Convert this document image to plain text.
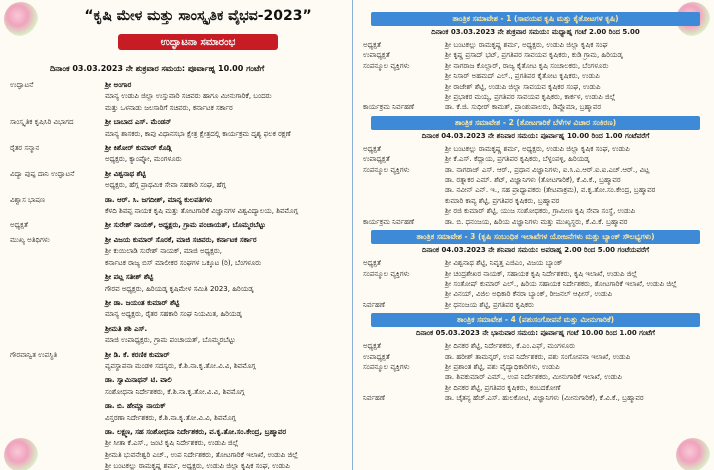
“ಕೃಷಿ ಮೇಳ ಮತ್ತು ಸಾಂಸ್ಕೃತಿಕ ವೈಭವ-2023”
ಉದ್ಘಾಟನಾ ಸಮಾರಂಭ
ದಿನಾಂಕ 03.03.2023 ನೇ ಶುಕ್ರವಾರ ಸಮಯ: ಪೂರ್ವಾಹ್ನ 10.00 ಗಂಟೆಗೆ
ಉದ್ಘಾಟನೆ	ಶ್ರೀ ಅಂಗಾರ
ಮಾನ್ಯ ಉಡುಪಿ ಜಿಲ್ಲಾ ಉಸ್ತುವಾರಿ ಸಚಿವರು ಹಾಗೂ ಮೀನುಗಾರಿಕೆ, ಬಂದರು
ಮತ್ತು ಒಳನಾಡು ಜಲಸಾರಿಗೆ ಸಚಿವರು, ಕರ್ನಾಟಕ ಸರ್ಕಾರ
ಸಾಂಸ್ಕೃತಿಕ ಕೃಷಿಸಿರಿ ವಿಭಾಗದ	ಶ್ರೀ ಬಾಬಾದ ಎಸ್. ಮೆಂಡನ್
ಮಾನ್ಯ ಶಾಸಕರು, ಕಾಪು ವಿಧಾನಸಭಾ ಕ್ಷೇತ್ರ ಕ್ಷೇತ್ರದಲ್ಲಿ ಕಾರ್ಯಕ್ರಮ ದೃಶ್ಯ ಫಲಕ ರಕ್ಷಣೆ
ರೈತರ ಸನ್ಮಾನ	ಶ್ರೀ ಕಿಶೋರ್ ಕುಮಾರ್ ಕೊಡ್ಗಿ
ಅಧ್ಯಕ್ಷರು, ಕ್ಯಾಂಪ್ಕೋ, ಮಂಗಳೂರು
ವಿದ್ಯಾ ಪುಷ್ಪ ದಾನಿ ಉದ್ಘಾಟನೆ	ಶ್ರೀ ವಿಶ್ವನಾಥ ಶೆಟ್ಟಿ
ಅಧ್ಯಕ್ಷರು, ಹೆಗ್ಗ ಪ್ರಾಥಮಿಕ ಸೇವಾ ಸಹಕಾರಿ ಸಂಘ, ಹೆಗ್ಗ
ವಿಶ್ವಾಸ ಭಾಷಣ	ಡಾ. ಆರ್. ಸಿ. ಜಗದೀಶ್, ಮಾನ್ಯ ಕುಲಪತಿಗಳು
ಕೆಳದಿ ಶಿವಪ್ಪ ನಾಯಕ ಕೃಷಿ ಮತ್ತು ತೋಟಗಾರಿಕೆ ವಿಜ್ಞಾನಗಳ ವಿಶ್ವವಿದ್ಯಾಲಯ, ಶಿವಮೊಗ್ಗ
ಅಧ್ಯಕ್ಷತೆ	ಶ್ರೀ ಸುರೇಶ್ ನಾಯಕ್, ಅಧ್ಯಕ್ಷರು, ಗ್ರಾಮ ಪಂಚಾಯತ್, ಬೊಮ್ಮರಬೆಟ್ಟು
ಮುಖ್ಯ ಅತಿಥಿಗಳು	ಶ್ರೀ ವಿಜಯ ಕುಮಾರ್ ಸೊರಕೆ, ಮಾಜಿ ಸಚಿವರು, ಕರ್ನಾಟಕ ಸರ್ಕಾರ
ಶ್ರೀ ಕುಯಿಲಾಡಿ ಸುರೇಶ್ ನಾಯಕ್, ಮಾಜಿ ಅಧ್ಯಕ್ಷರು,
ಕರ್ನಾಟಕ ರಾಜ್ಯ ಬಿಸ್ ಮಾಲೀಕರ ಸಂಘಗಳ ಒಕ್ಕೂಟ (ರಿ), ಬೆಂಗಳೂರು
ಶ್ರೀ ಪಟ್ಲ ಸತೀಶ್ ಶೆಟ್ಟಿ
ಗೌರವ ಅಧ್ಯಕ್ಷರು, ಹಿರಿಯಡ್ಕ ಕೃಷಿಮೇಳ ಸಮಿತಿ 2023, ಹಿರಿಯಡ್ಕ
ಶ್ರೀ ಡಾ. ಜಯಂತ ಕುಮಾರ್ ಶೆಟ್ಟಿ
ಮಾನ್ಯ ಅಧ್ಯಕ್ಷರು, ರೈತರ ಸಹಕಾರಿ ಸಂಘ ನಿಯಮಿತ, ಹಿರಿಯಡ್ಕ
ಶ್ರೀಮತಿ ಶಶಿ ಎಸ್.
ಮಾಜಿ ಉಪಾಧ್ಯಕ್ಷರು, ಗ್ರಾಮ ಪಂಚಾಯತ್, ಬೊಮ್ಮರಬೆಟ್ಟು
ಗೌರವಾನ್ವಿತ ಉಪಸ್ಥಿತಿ	ಶ್ರೀ ಡಿ. ಕೆ. ಕರಣಿಕ ಕುಮಾರ್
ವ್ಯವಸ್ಥಾಪನಾ ಮಂಡಳಿ ಸದಸ್ಯರು, ಕೆ.ಶಿ.ನಾ.ಕೃ.ತೋ.ವಿ.ವಿ, ಶಿವಮೊಗ್ಗ
ಡಾ. ಸ್ವಾಮಿನಾಥನ್ ಟಿ. ವಾಲಿ
ಸಂಶೋಧನಾ ನಿರ್ದೇಶಕರು, ಕೆ.ಶಿ.ನಾ.ಕೃ.ತೋ.ವಿ.ವಿ, ಶಿವಮೊಗ್ಗ
ಡಾ. ಬಿ. ಹೇಮ್ಲಾ ನಾಯಕ್
ವಿಸ್ತರಣಾ ನಿರ್ದೇಶಕರು, ಕೆ.ಶಿ.ನಾ.ಕೃ.ತೋ.ವಿ.ವಿ, ಶಿವಮೊಗ್ಗ
ಡಾ. ಲಕ್ಷ್ಮಣ, ಸಹ ಸಂಶೋಧನಾ ನಿರ್ದೇಶಕರು, ವ.ಕೃ.ತೋ.ಸಂ.ಕೇಂದ್ರ, ಬ್ರಹ್ಮಾವರ
ಶ್ರೀ ಸೀತಾ ಕೆ.ಎಸ್., ಜಂಟಿ ಕೃಷಿ ನಿರ್ದೇಶಕರು, ಉಡುಪಿ ಜಿಲ್ಲೆ
ಶ್ರೀಮತಿ ಭುವನೇಶ್ವರಿ ಎಚ್., ಉಪ ನಿರ್ದೇಶಕರು, ತೋಟಗಾರಿಕೆ ಇಲಾಖೆ, ಉಡುಪಿ ಜಿಲ್ಲೆ
ಶ್ರೀ ಬಂಟಕಲ್ಲು ರಾಮಕೃಷ್ಣ ಶರ್ಮ, ಅಧ್ಯಕ್ಷರು, ಉಡುಪಿ ಜಿಲ್ಲಾ ಕೃಷಿಕ ಸಂಘ, ಉಡುಪಿ
ತಾಂತ್ರಿಕ ಸಮಾವೇಶ - 1 (ಸಾವಯವ ಕೃಷಿ ಮತ್ತು ಕೈತೋಟಗಳ ಕೃಷಿ)
ದಿನಾಂಕ 03.03.2023 ನೇ ಶುಕ್ರವಾರ ಸಮಯ: ಮಧ್ಯಾಹ್ನ ಗಂಟೆ 2.00 ರಿಂದ 5.00
ಅಧ್ಯಕ್ಷತೆ	ಶ್ರೀ ಬಂಟಕಲ್ಲು ರಾಮಕೃಷ್ಣ ಶರ್ಮ, ಅಧ್ಯಕ್ಷರು, ಉಡುಪಿ ಜಿಲ್ಲಾ ಕೃಷಿಕ ಸಂಘ
ಉಪಾಧ್ಯಕ್ಷತೆ	ಶ್ರೀ ಕೃಷ್ಣ ಪ್ರಸಾದ್ ಭಟ್, ಪ್ರಗತಿಪರ ಸಾವಯವ ಕೃಷಿಕರು, ಕುಡಿ ಗ್ರಾಮ, ಹಿರಿಯಡ್ಕ
ಸಂಪನ್ಮೂಲ ವ್ಯಕ್ತಿಗಳು	ಶ್ರೀ ನಾಗರಾಜ ಕೊಲ್ಲಾರ್, ರಾಜ್ಯ ಕೈತೋಟ ಕೃಷಿ ಸಂಚಾಲಕರು, ಬೆಂಗಳೂರು
ಶ್ರೀ ನಿಸಾರ್ ಅಹಮದ್ ಎಲ್., ಪ್ರಗತಿಪರ ಕೈತೋಟ ಕೃಷಿಕರು, ಉಡುಪಿ
ಶ್ರೀ ರಾಜೇಶ್ ಶೆಟ್ಟಿ, ಉಡುಪಿ ಜಿಲ್ಲಾ ಸಾವಯವ ಕೃಷಿಕರ ಸಂಘ, ಉಡುಪಿ
ಶ್ರೀ ಪ್ರಭಾಕರ ಮಯ್ಯ, ಪ್ರಗತಿಪರ ಸಾವಯವ ಕೃಷಿಕರು, ಕಾರ್ಕಳ, ಉಡುಪಿ ಜಿಲ್ಲೆ
ಕಾರ್ಯಕ್ರಮ ನಿರ್ವಹಣೆ	ಡಾ. ಕೆ.ಜಿ. ಸುಧೀರ್ ಕಾಮತ್, ಪ್ರಾಂಶುಪಾಲರು, ಡಿಪ್ಲೊಮಾ, ಬ್ರಹ್ಮಾವರ
ತಾಂತ್ರಿಕ ಸಮಾವೇಶ - 2 (ತೋಟಗಾರಿಕೆ ಬೆಳೆಗಳ ವಿಚಾರ ಸಂಕಿರಣ)
ದಿನಾಂಕ 04.03.2023 ನೇ ಶನಿವಾರ ಸಮಯ: ಪೂರ್ವಾಹ್ನ 10.00 ರಿಂದ 1.00 ಗಂಟೆವರೆಗೆ
ಅಧ್ಯಕ್ಷತೆ	ಶ್ರೀ ಬಂಟಕಲ್ಲು ರಾಮಕೃಷ್ಣ ಶರ್ಮ, ಅಧ್ಯಕ್ಷರು, ಉಡುಪಿ ಜಿಲ್ಲಾ ಕೃಷಿಕ ಸಂಘ, ಉಡುಪಿ
ಉಪಾಧ್ಯಕ್ಷತೆ	ಶ್ರೀ ಕೆ.ಎಸ್. ಕೆದ್ಲಾಯ, ಪ್ರಗತಿಪರ ಕೃಷಿಕರು, ಬೆಳ್ಳಂಪಳ್ಳಿ, ಹಿರಿಯಡ್ಕ
ಸಂಪನ್ಮೂಲ ವ್ಯಕ್ತಿಗಳು	ಡಾ. ನಾಗರಾಜ್ ಎಸ್. ಆರ್., ಪ್ರಧಾನ ವಿಜ್ಞಾನಿಗಳು, ಐ.ಸಿ.ಎ.ಆರ್.ಐ.ಐ.ಎಚ್.ಆರ್., ವಿಟ್ಲ
ಡಾ. ರತ್ನಾಕರ ಎಮ್. ಶೆಟ್, ವಿಜ್ಞಾನಿಗಳು (ತೋಟಗಾರಿಕೆ), ಕೆ.ವಿ.ಕೆ., ಬ್ರಹ್ಮಾವರ
ಡಾ. ನವೀನ್ ಎನ್. ಇ., ಸಹ ಪ್ರಾಧ್ಯಾಪಕರು (ತೇಟವಾಕ್ರಮ), ವ.ಕೃ.ತೋ.ಸಂ.ಕೇಂದ್ರ, ಬ್ರಹ್ಮಾವರ
ಕುಮಾರಿ ಕಾವ್ಯ ಶೆಟ್ಟಿ, ಪ್ರಗತಿಪರ ಕೃಷಿಕರು, ಬ್ರಹ್ಮಾವರ
ಶ್ರೀ ರಜಿ ಕುಮಾರ್ ಶೆಟ್ಟಿ, ಯುಜ ಸಂಶೋಧಕರು, ಗ್ರಾಮೀಣ ಕೃಷಿ ಸೇವಾ ಸಂಸ್ಥೆ, ಉಡುಪಿ
ಕಾರ್ಯಕ್ರಮ ನಿರ್ವಹಣೆ	ಡಾ. ಬಿ. ಧನಂಜಯ, ಹಿರಿಯ ವಿಜ್ಞಾನಿಗಳು ಮತ್ತು ಮುಖ್ಯಸ್ಥರು, ಕೆ.ವಿ.ಕೆ. ಬ್ರಹ್ಮಾವರ
ತಾಂತ್ರಿಕ ಸಮಾವೇಶ - 3 (ಕೃಷಿ ಸಂಬಂಧಿತ ಇಲಾಖೆಗಳ ಯೋಜನೆಗಳು ಮತ್ತು ಬ್ಯಾಂಕ್ ಸೌಲಭ್ಯಗಳು)
ದಿನಾಂಕ 04.03.2023 ನೇ ಶನಿವಾರ ಸಮಯ: ಅಪರಾಹ್ನ 2.00 ರಿಂದ 5.00 ಗಂಟೆಯವರೆಗೆ
ಅಧ್ಯಕ್ಷತೆ	ಶ್ರೀ ವಿಶ್ವನಾಥ ಶೆಟ್ಟಿ, ನಿವೃತ್ತ ಎಜಿಎಂ, ವಿಜಯ ಬ್ಯಾಂಕ್
ಸಂಪನ್ಮೂಲ ವ್ಯಕ್ತಿಗಳು	ಶ್ರೀ ಚಂದ್ರಶೇಖರ ನಾಯಕ್, ಸಹಾಯಕ ಕೃಷಿ ನಿರ್ದೇಶಕರು, ಕೃಷಿ ಇಲಾಖೆ, ಉಡುಪಿ ಜಿಲ್ಲೆ
ಶ್ರೀ ಸಂತೋಷ್ ಕುಮಾರ್ ಎಲ್., ಹಿರಿಯ ಸಹಾಯಕ ನಿರ್ದೇಶಕರು, ತೋಟಗಾರಿಕೆ ಇಲಾಖೆ, ಉಡುಪಿ ಜಿಲ್ಲೆ
ಶ್ರೀ ವಿನಯ್, ವಿಜಿಲ ಅಧಿಕಾರಿ ಕೆನರಾ ಬ್ಯಾಂಕ್, ರೀಜನಲ್ ಆಫೀಸ್, ಉಡುಪಿ
ನಿರ್ವಹಣೆ	ಶ್ರೀ ಧನಂಜಯ ಶೆಟ್ಟಿ, ಪ್ರಗತಿಪರ ಕೃಷಿಕರು
ತಾಂತ್ರಿಕ ಸಮಾವೇಶ - 4 (ಪಶುಸಂಗೋಪನೆ ಮತ್ತು ಮೀನುಗಾರಿಕೆ)
ದಿನಾಂಕ 05.03.2023 ನೇ ಭಾನುವಾರ ಸಮಯ: ಪೂರ್ವಾಹ್ನ ಗಂಟೆ 10.00 ರಿಂದ 1.00 ಗಂಟೆಗೆ
ಅಧ್ಯಕ್ಷತೆ	ಶ್ರೀ ದಿನಕರ ಶೆಟ್ಟಿ, ನಿರ್ದೇಶಕರು, ಕೆ.ಎಂ.ಎಫ್, ಮಂಗಳೂರು
ಉಪಾಧ್ಯಕ್ಷತೆ	ಡಾ. ಹರೀಶ್ ತಾಮನ್ಕರ್, ಉಪ ನಿರ್ದೇಶಕರು, ಪಶು ಸಂಗೋಪನಾ ಇಲಾಖೆ, ಉಡುಪಿ
ಸಂಪನ್ಮೂಲ ವ್ಯಕ್ತಿಗಳು	ಶ್ರೀ ಪ್ರಶಾಂತ ಶೆಟ್ಟಿ, ಪಶು ವೈದ್ಯಾಧಿಕಾರಿಗಳು, ಉಡುಪಿ
ಡಾ. ಶಿವಕುಮಾರ್ ಎಮ್., ಉಪ ನಿರ್ದೇಶಕರು, ಮೀನುಗಾರಿಕೆ ಇಲಾಖೆ, ಉಡುಪಿ
ಶ್ರೀ ದಿನಕರ ಶೆಟ್ಟಿ, ಪ್ರಗತಿಪರ ಕೃಷಿಕರು, ಕಂಬದಕೋಣೆ
ನಿರ್ವಹಣೆ	ಡಾ. ಚೈತನ್ಯ ಹೆಚ್.ಎಸ್. ಹುಲಕೋಟಿ, ವಿಜ್ಞಾನಿಗಳು (ಮೀನುಗಾರಿಕೆ), ಕೆ.ವಿ.ಕೆ., ಬ್ರಹ್ಮಾವರ
